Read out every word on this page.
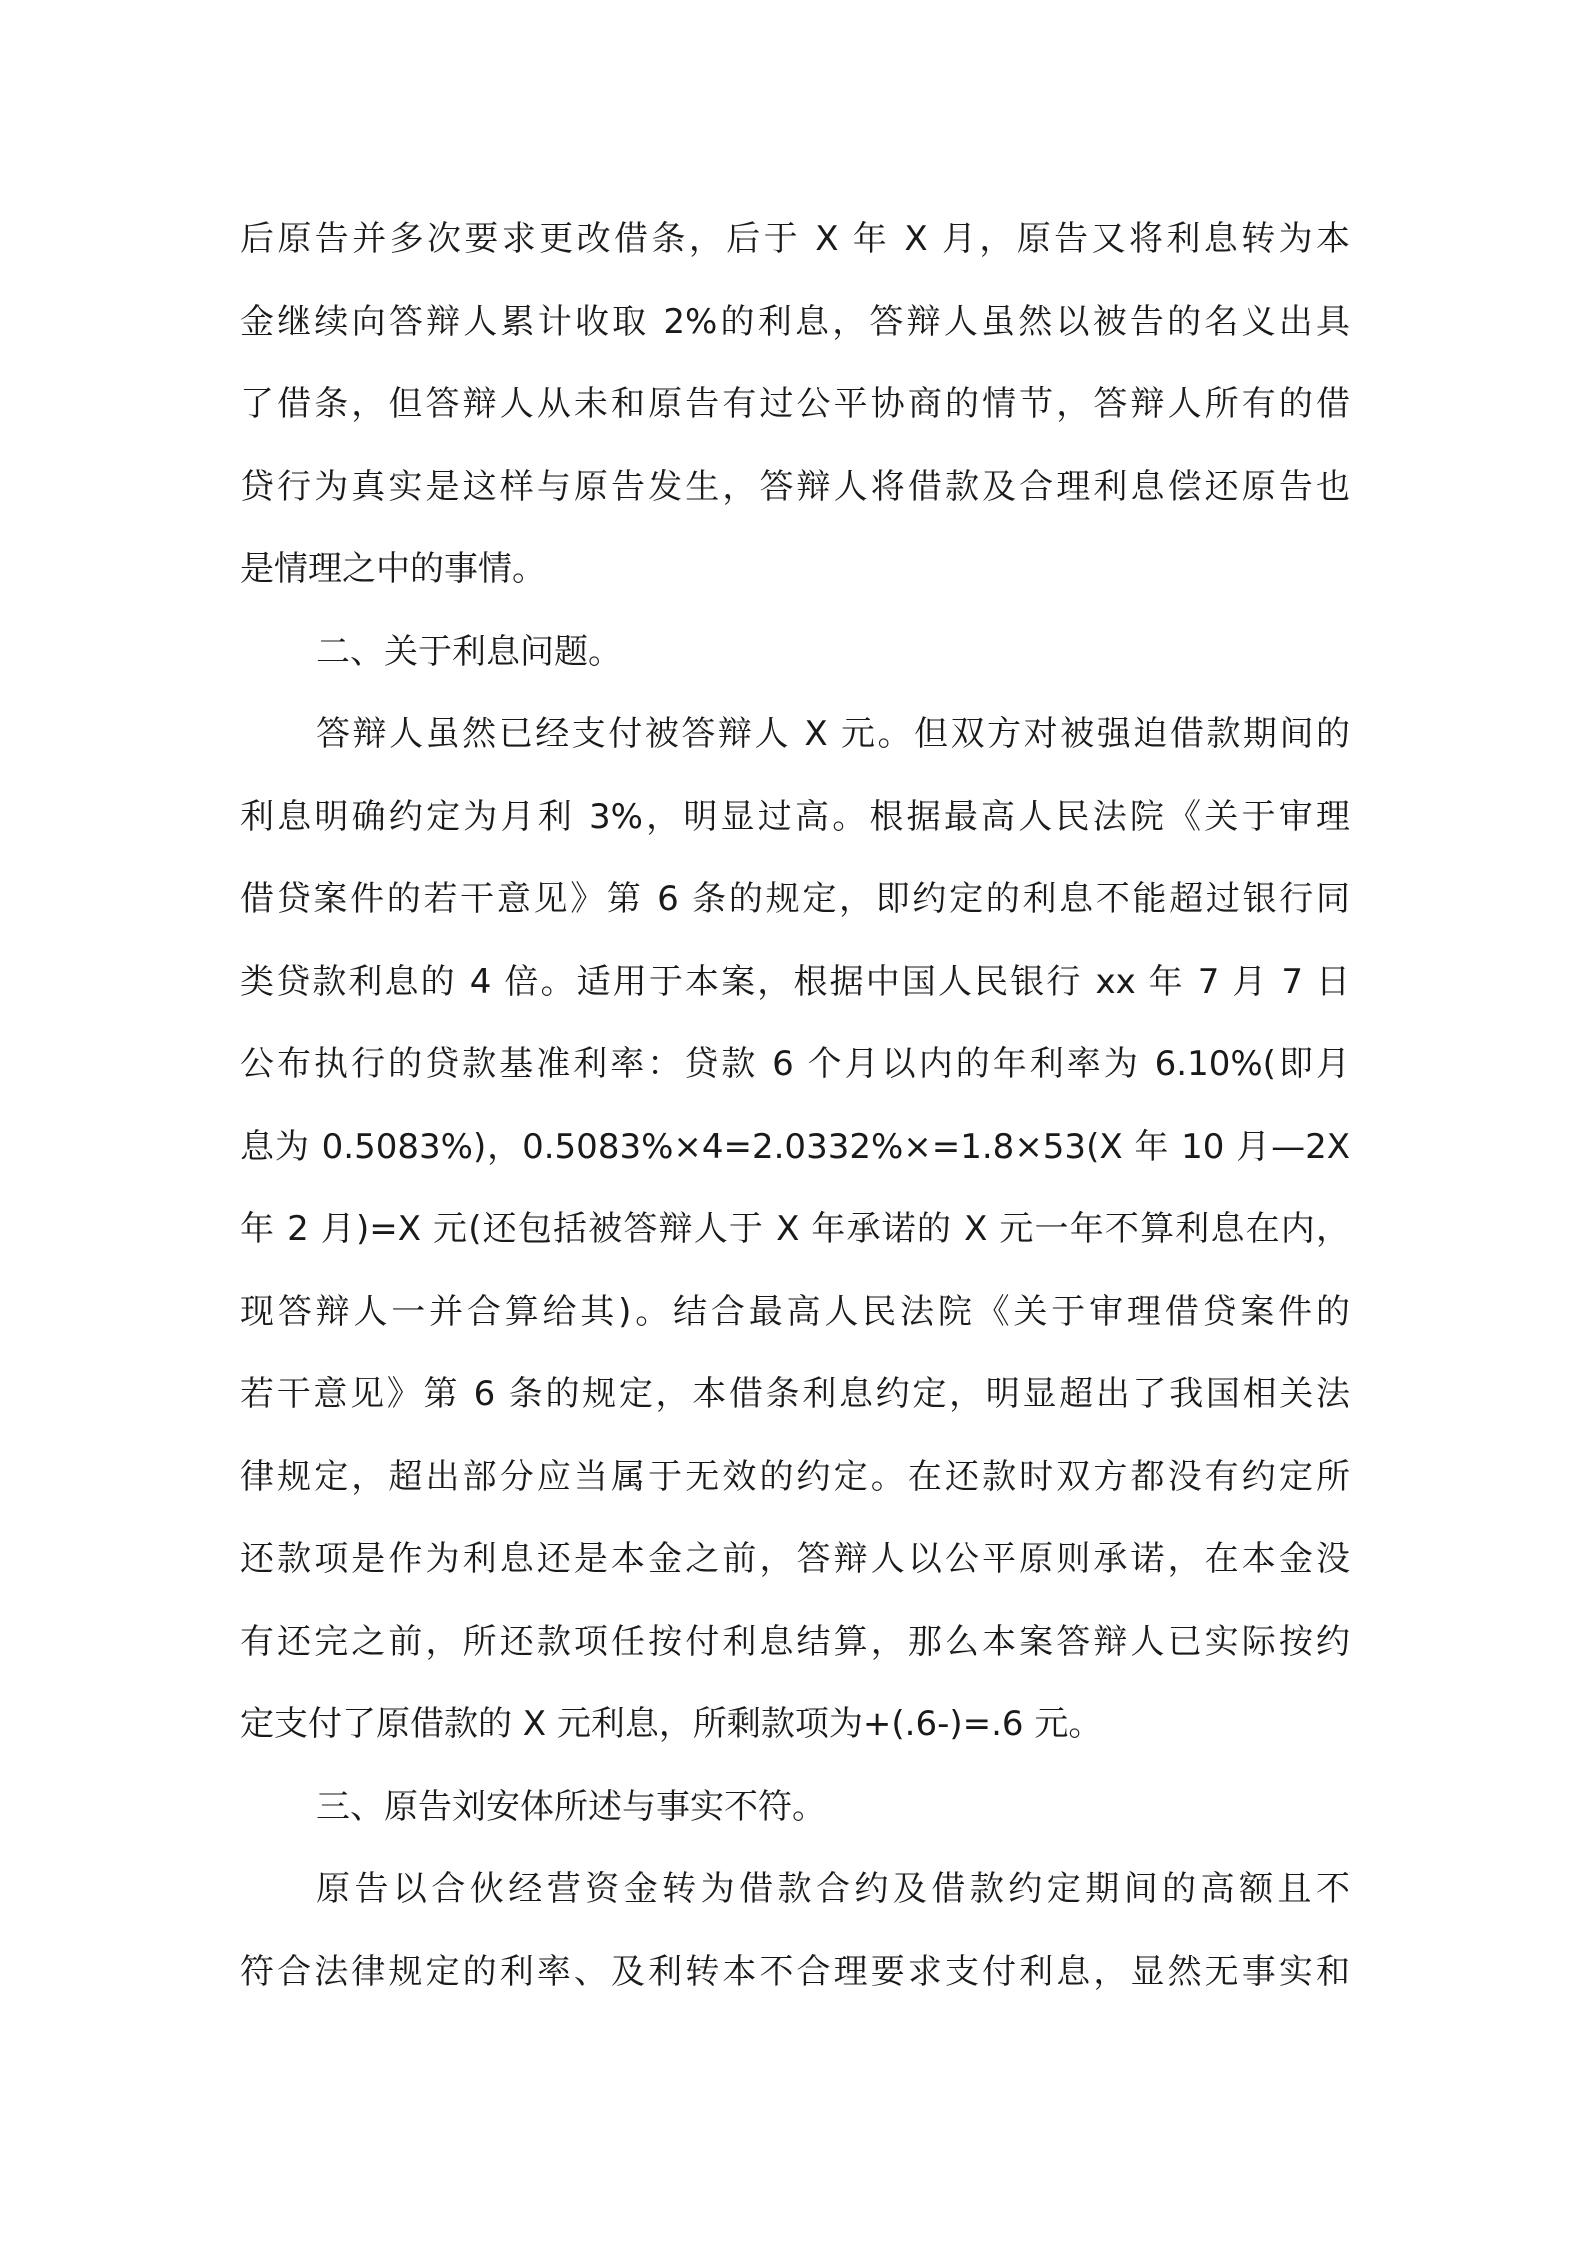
后原告并多次要求更改借条，后于 X 年 X 月，原告又将利息转为本
金继续向答辩人累计收取 2%的利息，答辩人虽然以被告的名义出具
了借条，但答辩人从未和原告有过公平协商的情节，答辩人所有的借
贷行为真实是这样与原告发生，答辩人将借款及合理利息偿还原告也
是情理之中的事情。
二、关于利息问题。
答辩人虽然已经支付被答辩人 X 元。但双方对被强迫借款期间的
利息明确约定为月利 3%，明显过高。根据最高人民法院《关于审理
借贷案件的若干意见》第 6 条的规定，即约定的利息不能超过银行同
类贷款利息的 4 倍。适用于本案，根据中国人民银行 xx 年 7 月 7 日
公布执行的贷款基准利率：贷款 6 个月以内的年利率为 6.10%(即月
息为 0.5083%)，0.5083%×4=2.0332%×=1.8×53(X 年 10 月—2X
年 2 月)=X 元(还包括被答辩人于 X 年承诺的 X 元一年不算利息在内，
现答辩人一并合算给其)。结合最高人民法院《关于审理借贷案件的
若干意见》第 6 条的规定，本借条利息约定，明显超出了我国相关法
律规定，超出部分应当属于无效的约定。在还款时双方都没有约定所
还款项是作为利息还是本金之前，答辩人以公平原则承诺，在本金没
有还完之前，所还款项任按付利息结算，那么本案答辩人已实际按约
定支付了原借款的 X 元利息，所剩款项为+(.6-)=.6 元。
三、原告刘安体所述与事实不符。
原告以合伙经营资金转为借款合约及借款约定期间的高额且不
符合法律规定的利率、及利转本不合理要求支付利息，显然无事实和
